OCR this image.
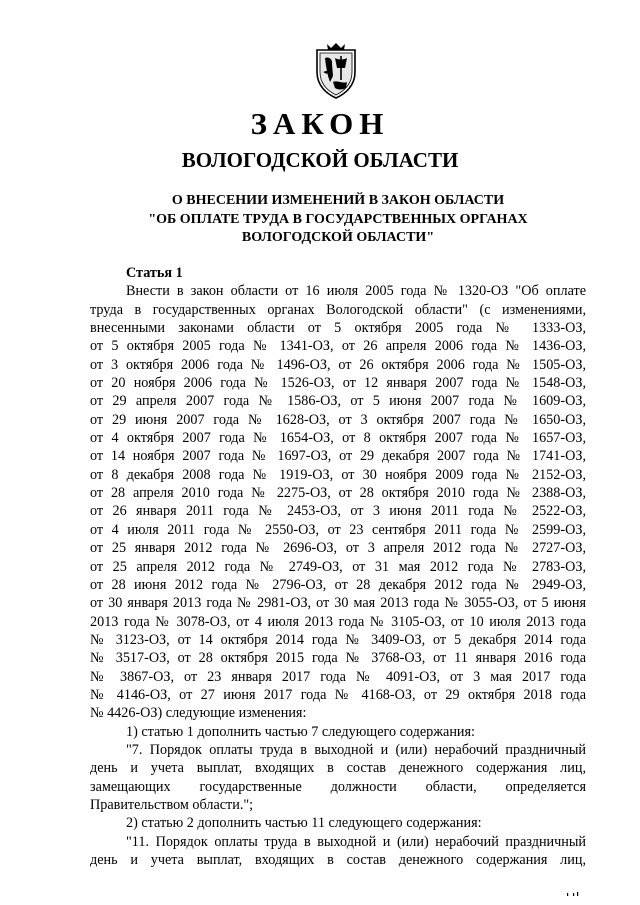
ЗАКОН
ВОЛОГОДСКОЙ ОБЛАСТИ
О ВНЕСЕНИИ ИЗМЕНЕНИЙ В ЗАКОН ОБЛАСТИ
"ОБ ОПЛАТЕ ТРУДА В ГОСУДАРСТВЕННЫХ ОРГАНАХ
ВОЛОГОДСКОЙ ОБЛАСТИ"
Статья 1
Внести в закон области от 16 июля 2005 года № 1320-ОЗ "Об оплате
труда в государственных органах Вологодской области" (с изменениями,
внесенными законами области от 5 октября 2005 года № 1333-ОЗ,
от 5 октября 2005 года № 1341-ОЗ, от 26 апреля 2006 года № 1436-ОЗ,
от 3 октября 2006 года № 1496-ОЗ, от 26 октября 2006 года № 1505-ОЗ,
от 20 ноября 2006 года № 1526-ОЗ, от 12 января 2007 года № 1548-ОЗ,
от 29 апреля 2007 года № 1586-ОЗ, от 5 июня 2007 года № 1609-ОЗ,
от 29 июня 2007 года № 1628-ОЗ, от 3 октября 2007 года № 1650-ОЗ,
от 4 октября 2007 года № 1654-ОЗ, от 8 октября 2007 года № 1657-ОЗ,
от 14 ноября 2007 года № 1697-ОЗ, от 29 декабря 2007 года № 1741-ОЗ,
от 8 декабря 2008 года № 1919-ОЗ, от 30 ноября 2009 года № 2152-ОЗ,
от 28 апреля 2010 года № 2275-ОЗ, от 28 октября 2010 года № 2388-ОЗ,
от 26 января 2011 года № 2453-ОЗ, от 3 июня 2011 года № 2522-ОЗ,
от 4 июля 2011 года № 2550-ОЗ, от 23 сентября 2011 года № 2599-ОЗ,
от 25 января 2012 года № 2696-ОЗ, от 3 апреля 2012 года № 2727-ОЗ,
от 25 апреля 2012 года № 2749-ОЗ, от 31 мая 2012 года № 2783-ОЗ,
от 28 июня 2012 года № 2796-ОЗ, от 28 декабря 2012 года № 2949-ОЗ,
от 30 января 2013 года № 2981-ОЗ, от 30 мая 2013 года № 3055-ОЗ, от 5 июня
2013 года № 3078-ОЗ, от 4 июля 2013 года № 3105-ОЗ, от 10 июля 2013 года
№ 3123-ОЗ, от 14 октября 2014 года № 3409-ОЗ, от 5 декабря 2014 года
№ 3517-ОЗ, от 28 октября 2015 года № 3768-ОЗ, от 11 января 2016 года
№ 3867-ОЗ, от 23 января 2017 года № 4091-ОЗ, от 3 мая 2017 года
№ 4146-ОЗ, от 27 июня 2017 года № 4168-ОЗ, от 29 октября 2018 года
№ 4426-ОЗ) следующие изменения:
1) статью 1 дополнить частью 7 следующего содержания:
"7. Порядок оплаты труда в выходной и (или) нерабочий праздничный
день и учета выплат, входящих в состав денежного содержания лиц,
замещающих государственные должности области, определяется
Правительством области.";
2) статью 2 дополнить частью 11 следующего содержания:
"11. Порядок оплаты труда в выходной и (или) нерабочий праздничный
день и учета выплат, входящих в состав денежного содержания лиц,
